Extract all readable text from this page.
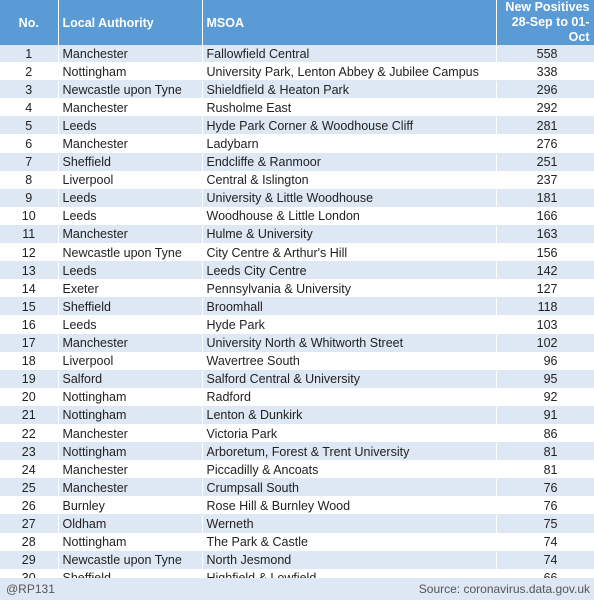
No.	Local Authority	MSOA	New Positives
28-Sep to 01-Oct

1	Manchester	Fallowfield Central	558
2	Nottingham	University Park, Lenton Abbey & Jubilee Campus	338
3	Newcastle upon Tyne	Shieldfield & Heaton Park	296
4	Manchester	Rusholme East	292
5	Leeds	Hyde Park Corner & Woodhouse Cliff	281
6	Manchester	Ladybarn	276
7	Sheffield	Endcliffe & Ranmoor	251
8	Liverpool	Central & Islington	237
9	Leeds	University & Little Woodhouse	181
10	Leeds	Woodhouse & Little London	166
11	Manchester	Hulme & University	163
12	Newcastle upon Tyne	City Centre & Arthur's Hill	156
13	Leeds	Leeds City Centre	142
14	Exeter	Pennsylvania & University	127
15	Sheffield	Broomhall	118
16	Leeds	Hyde Park	103
17	Manchester	University North & Whitworth Street	102
18	Liverpool	Wavertree South	96
19	Salford	Salford Central & University	95
20	Nottingham	Radford	92
21	Nottingham	Lenton & Dunkirk	91
22	Manchester	Victoria Park	86
23	Nottingham	Arboretum, Forest & Trent University	81
24	Manchester	Piccadilly & Ancoats	81
25	Manchester	Crumpsall South	76
26	Burnley	Rose Hill & Burnley Wood	76
27	Oldham	Werneth	75
28	Nottingham	The Park & Castle	74
29	Newcastle upon Tyne	North Jesmond	74

@RP131	Source: coronavirus.data.gov.uk
